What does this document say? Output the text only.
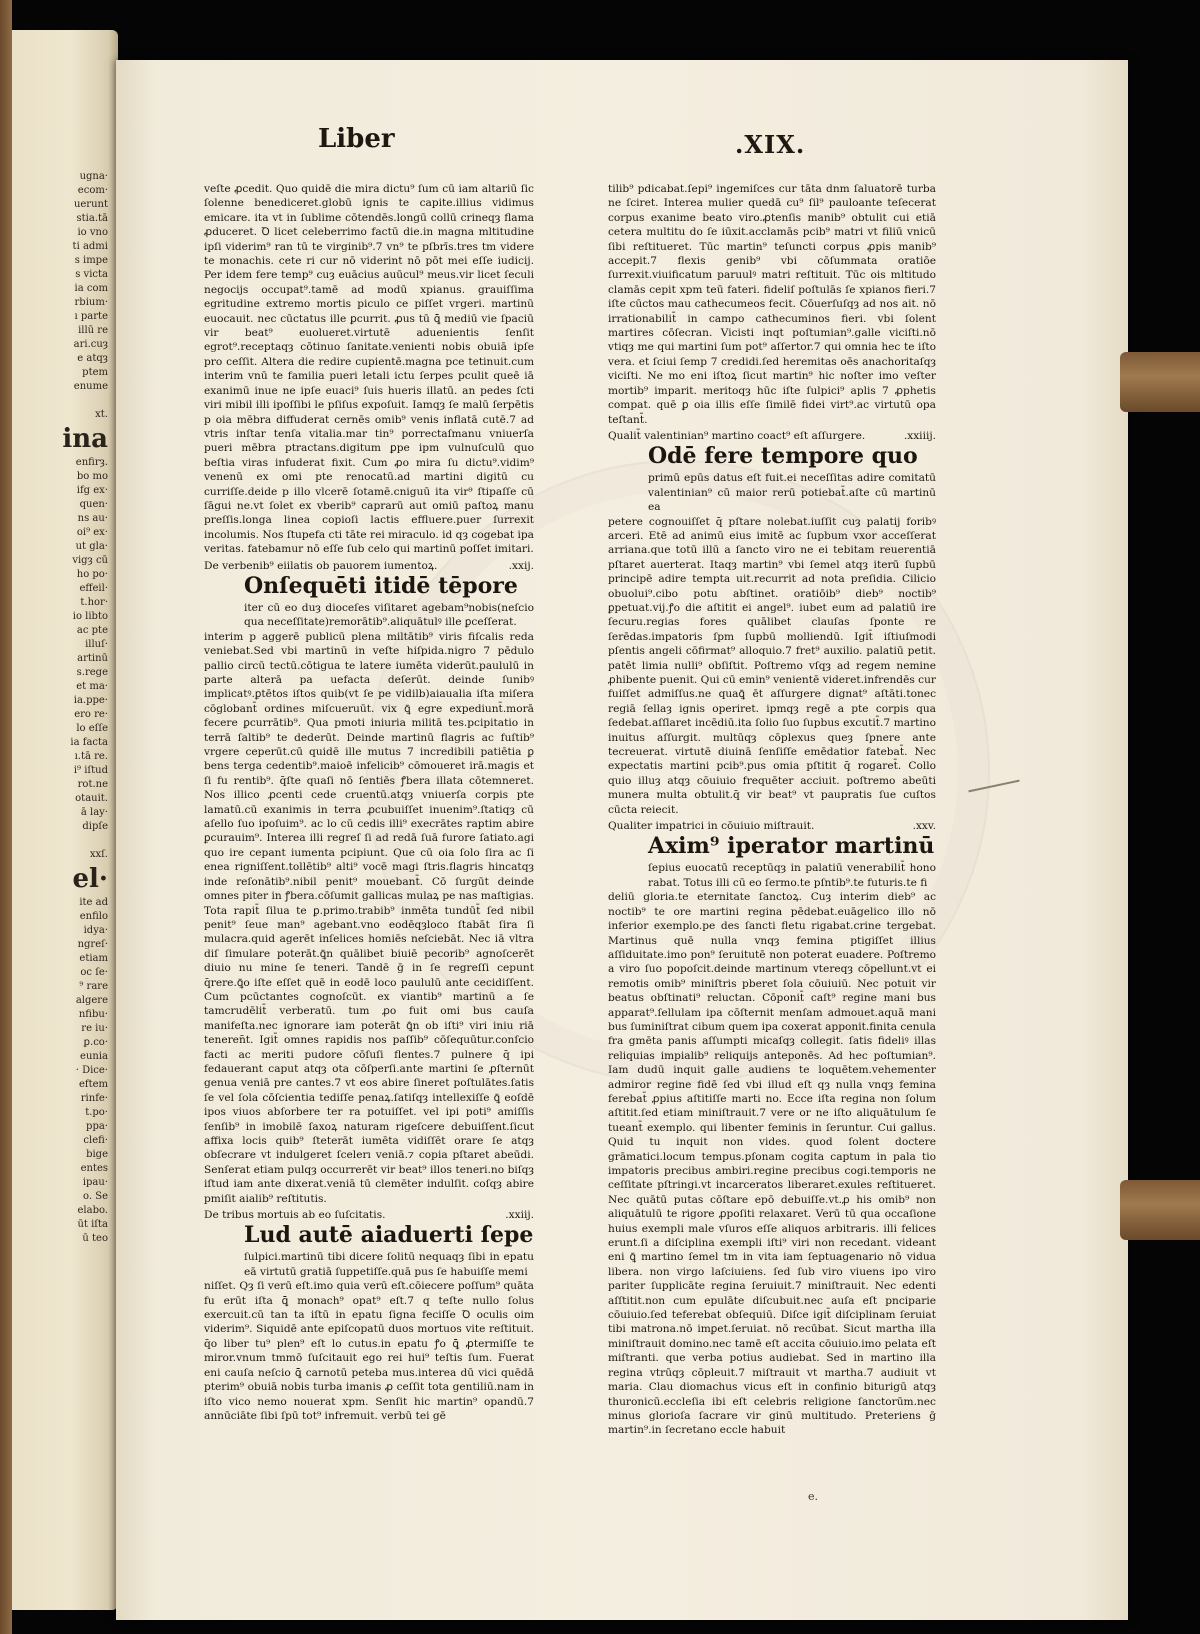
ugna·
ecom·
uerunt
stia.tā
io vno
ti admi
s impe
s victa
ia com
rbium·
ı parte
illū re
ari.cuȝ
e atqȝ
ptem
enume

xt.
ina
enfirȝ.
bo mo
ifg ex·
quen·
ns au·
oi⁹ ex·
ut gla·
vigȝ cū
ho po·
effeil·
t.hor·
io libto
ac pte
illuſ·
artinū
s.rege
et ma·
ia.ppe·
ero re·
lo eſſe
ia facta
ı.tā re.
i⁹ iſtud
rot.ne
otauit.
ā lay·
dipſe

xxſ.
el·
ite ad
enfilo
idya·
ngreſ·
etiam
oc ſe·
⁹ rare
algere
nfibu·
re iu·
ꝑ.co·
eunia
· Dice·
eftem
rinfe·
t.po·
ppa·
clefi·
bige
entes
ipau·
o. Se
elabo.
ūt iſta
ū teo
Liber	.XIX.

veſte ꝓcedit. Quo quidē die mira dictu⁹ ſum cū iam altariū ſic ſolenne benediceret.globū ignis te capite.illius vidimus emicare. ita vt in ſublime cōtendēs.longū collū crineqȝ flama ꝓduceret. Ꝺ licet celeberrimo factū die.in magna mltitudine ipſi viderim⁹ ran tū te virginib⁹.7 vn⁹ te pſbrīs.tres tm videre te monachis. cete ri cur nō viderint nō pōt mei eſſe iudicij. Per idem fere temp⁹ cuȝ euācius auūcul⁹ meus.vir licet ſeculi negocijs occupat⁹.tamē ad modū xpianus. grauiſſima egritudine extremo mortis piculo ce piſſet vrgeri. martinū euocauit. nec cūctatus ille ꝑcurrit. ꝓus tū ꝗ̄ mediū vie ſpaciū vir beat⁹ euolueret.virtutē aduenientis ſenſit egrot⁹.receptaqȝ cōtinuo ſanitate.venienti nobis obuiā ipſe pro ceſſit. Altera die redire cupientē.magna pce tetinuit.cum interim vnū te familia pueri letali ictu ſerpes pculit queē iā exanimū inue ne ipſe euaci⁹ ſuis hueris illatū. an pedes ſcti viri mibil illi ipoſſibi le pſiſus expoſuit. Iamqȝ ſe malū ſerpētis p oia mēbra diffuderat cernēs omib⁹ venis inflatā cutē.7 ad vtris inſtar tenſa vitalia.mar tin⁹ porrectaſmanu vniuerſa pueri mēbra ptractans.digitum ꝑpe ipm vulnuſculū quo beſtia viras infuderat fixit. Cum ꝓo mira ſu dictu⁹.vidim⁹ venenū ex omi pte renocatū.ad martini digitū cu curriſſe.deide p illo vlcerē ſotamē.cniguū ita vir⁹ ſtipaſſe cū ſāgui ne.vt ſolet ex vberib⁹ caprarū aut omiū paſtoꝝ manu preſſis.longa linea copioſi lactis effluere.puer ſurrexit incolumis. Nos ſtupefa cti tāte rei miraculo. id qȝ cogebat ipa veritas. fatebamur nō eſſe ſub celo qui martinū poſſet imitari.

De verbenib⁹ eiilatis ob pauorem iumentoꝝ.	.xxij.
Onſequēti itidē tēpore

iter cū eo duȝ dioceſes viſitaret agebam⁹nobis(neſcio qua neceſſitate)remorātib⁹.aliquātulꝰ ille ꝑceſſerat.

interim p aggerē publicū plena miltātib⁹ viris fiſcalis reda veniebat.Sed vbi martinū in veſte hiſpida.nigro 7 pēdulo pallio circū tectū.cōtigua te latere iumēta viderūt.paululū in parte alterā pa uefacta deſerūt. deinde ſunibꝰ implicatꝰ.ꝑtētos iſtos quib(vt ſe pe vidilb)aiaualia iſta miſera cōglobant̄ ordines miſcueruūt. vix ꝗ̄ egre expediunt̄.morā fecere ꝑcurrātib⁹. Qua pmoti iniuria militā tes.pcipitatio in terrā ſaltib⁹ te dederūt. Deinde martinū flagris ac fuſtib⁹ vrgere ceperūt.cū quidē ille mutus 7 incredibili patiētia ꝑ bens terga cedentib⁹.maioē infelicib⁹ cōmoueret irā.magis et ſi fu rentib⁹. q̄ſte quaſi nō ſentiēs ꝭbera illata cōtemneret. Nos illico ꝓcenti cede cruentū.atqȝ vniuerſa corpis pte lamatū.cū exanimis in terra ꝓcubuiſſet inuenim⁹.ſtatiqȝ cū aſello ſuo ipoſuim⁹. ac lo cū cedis illi⁹ execrātes raptim abire ꝑcurauim⁹. Interea illi regreſ ſi ad redā ſuā furore ſatiato.agi quo ire cepant iumenta pcipiunt. Que cū oia ſolo ſira ac ſi enea rigniſſent.tollētib⁹ alti⁹ vocē magi ſtris.flagris hincatqȝ inde reſonātib⁹.nibil penit⁹ mouebant̄. Cō ſurgūt deinde omnes piter in ꝭbera.cōſumit gallicas mulaꝝ pe nas maſtigias. Tota rapit̄ ſilua te ꝑ.primo.trabib⁹ inmēta tundūt̄ ſed nibil penit⁹ ſeue man⁹ agebant.vno eodēqȝloco ſtabāt ſira ſi mulacra.quid agerēt inſelices homiēs neſciebāt. Nec iā vltra diſ ſimulare poterāt.ꝗ̄n quālibet biuiē pecorib⁹ agnoſcerēt diuio nu mine ſe teneri. Tandē ḡ in ſe regreſſi cepunt q̄rere.ꝗ̄o iſte eſſet quē in eodē loco paululū ante cecidiſſent. Cum pcūctantes cognoſcūt. ex viantib⁹ martinū a ſe tamcrudēlit̄ verberatū. tum ꝓo fuit omi bus cauſa manifeſta.nec ignorare iam poterāt ꝗ̄n ob iſti⁹ viri iniu riā teneren̄t. Igit̄ omnes rapidis nos paſſib⁹ cōſequūtur.conſcio facti ac meriti pudore cōſuſi flentes.7 pulnere q̄ ipi fedauerant caput atqȝ ota cōſperſi.ante martini ſe ꝓſternūt genua veniā pre cantes.7 vt eos abire ſineret poſtulātes.ſatis ſe vel ſola cōſcientia tediſſe penaꝝ.ſatiſqȝ intellexiſſe ꝗ̄ eoſdē ipos viuos abſorbere ter ra potuiſſet. vel ipi poti⁹ amiſſis ſenſib⁹ in imobilē ſaxoꝝ naturam rigeſcere debuiſſent.ſicut affixa locis quib⁹ ſteterāt iumēta vidiſſēt orare ſe atqȝ obſecrare vt indulgeret ſcelerı veniā.⁊ copia pſtaret abeūdi. Senſerat etiam pulqȝ occurrerēt vir beat⁹ illos teneri.no biſqȝ iſtud iam ante dixerat.veniā tū clemēter indulſit. coſqȝ abire pmiſit aialib⁹ reſtitutis.

De tribus mortuis ab eo ſuſcitatis.	.xxiij.
Lud autē aiaduerti ſepe

ſulpici.martinū tibi dicere ſolitū nequaqȝ ſibi in epatu eā virtutū gratiā ſuppetiſſe.quā pus ſe habuiſſe memi

niſſet. Qȝ ſi verū eſt.imo quia verū eſt.cōiecere poſſum⁹ quāta fu erūt iſta ꝗ̄ monach⁹ opat⁹ eſt.7 q teſte nullo ſolus exercuit.cū tan ta iſtū in epatu ſigna feciſſe Ꝺ oculis oim viderim⁹. Siquidē ante epiſcopatū duos mortuos vite reſtituit. q̄o liber tu⁹ plen⁹ eſt lo cutus.in epatu ꝭo ꝗ̄ ꝓtermiſſe te miror.vnum tmmō ſuſcitauit ego rei hui⁹ teſtis ſum. Fuerat eni cauſa neſcio ꝗ̄ carnotū peteba mus.interea dū vici quēdā pterim⁹ obuiā nobis turba imanis ꝓ ceſſit tota gentiliū.nam in iſto vico nemo nouerat xpm. Senſit hic martin⁹ opandū.7 annūciāte ſibi ſpū tot⁹ infremuit. verbū tei gē

tilib⁹ pdicabat.ſepi⁹ ingemiſces cur tāta dnm ſaluatorē turba ne ſciret. Interea mulier quedā cu⁹ ſil⁹ pauloante teſecerat corpus exanime beato viro.ꝓtenſis manib⁹ obtulit cui etiā cetera multitu do ſe iūxit.acclamās pcib⁹ matri vt filiū vnicū ſibi reſtitueret. Tūc martin⁹ teſuncti corpus ꝓpis manib⁹ accepit.7 flexis genib⁹ vbi cōſummata oratiōe ſurrexit.viuificatum paruulꝰ matri reſtituit. Tūc ois mltitudo clamās cepit xpm teū fateri. fideliſ poſtulās ſe xpianos fieri.7 iſte cūctos mau cathecumeos fecit. Cōuerſuſqȝ ad nos ait. nō irrationabilit̄ in campo cathecuminos fieri. vbi ſolent martires cōſecran. Vicisti inqt poſtumian⁹.galle viciſti.nō vtiqȝ me qui martini ſum pot⁹ aſſertor.7 qui omnia hec te iſto vera. et ſciui ſemp 7 credidi.ſed heremitas oēs anachoritaſqȝ viciſti. Ne mo eni iſtoꝝ ſicut martin⁹ hic noſter imo veſter mortib⁹ imparit. meritoqȝ hūc iſte ſulpici⁹ aplis 7 ꝓphetis compat. quē ꝑ oia illis eſſe ſimilē fidei virt⁹.ac virtutū opa teſtant̄.

Qualit̄ valentinian⁹ martino coact⁹ eſt aſſurgere.	.xxiiij.
Odē fere tempore quo

primū epūs datus eſt fuit.ei neceſſitas adire comitatū valentinian⁹ cū maior rerū potiebat̄.aſte cū martinū ea

petere cognouiſſet q̄ pſtare nolebat.iuſſit cuȝ palatij foribꝰ arceri. Etē ad animū eius imitē ac ſupbum vxor acceſſerat arriana.que totū illū a ſancto viro ne ei tebitam reuerentiā pſtaret auerterat. Itaqȝ martin⁹ vbi ſemel atqȝ iterū ſupbū principē adire tempta uit.recurrit ad nota preſidia. Cilicio obuolui⁹.cibo potu abſtinet. oratiōib⁹ dieb⁹ noctib⁹ ꝑpetuat.vij.ꝭo die aſtitit ei angel⁹. iubet eum ad palatiū ire ſecuru.regias fores quālibet clauſas ſponte re ſerēdas.impatoris ſpm ſupbū molliendū. Igit̄ iſtiuſmodi pſentis angeli cōfirmat⁹ alloquio.7 fret⁹ auxilio. palatiū petit. patēt limia nulli⁹ obſiſtit. Poſtremo vſqȝ ad regem nemine ꝓhibente puenit. Qui cū emin⁹ venientē videret.infrendēs cur fuiſſet admiſſus.ne quaꝗ̄ ēt aſſurgere dignat⁹ aſtāti.tonec regiā ſellaȝ ignis operiret. ipmqȝ regē a pte corpis qua ſedebat.aſſlaret incēdiū.ita ſolio ſuo ſupbus excutit̄.7 martino inuitus aſſurgit. multūqȝ cōplexus queȝ ſpnere ante tecreuerat. virtutē diuinā ſenſiſſe emēdatior fatebat̄. Nec expectatis martini pcib⁹.pus omia pſtitit q̄ rogaret̄. Collo quio illuȝ atqȝ cōuiuio frequēter acciuit. poſtremo abeūti munera multa obtulit.q̄ vir beat⁹ vt paupratis ſue cuſtos cūcta reiecit.

Qualiter impatrici in cōuiuio miſtrauit.	.xxv.
Axim⁹ iperator martinū

ſepius euocatū receptūqȝ in palatiū venerabilit̄ hono rabat. Totus illi cū eo ſermo.te pſntib⁹.te futuris.te fi

deliū gloria.te eternitate ſanctoꝝ. Cuȝ interim dieb⁹ ac noctib⁹ te ore martini regina pēdebat.euāgelico illo nō inferior exemplo.pe des ſancti fletu rigabat.crine tergebat. Martinus quē nulla vnqȝ femina ptigiſſet illius aſſiduitate.imo pon⁹ ſeruitutē non poterat euadere. Poſtremo a viro ſuo popoſcit.deinde martinum vtereqȝ cōpellunt.vt ei remotis omib⁹ miniſtris pberet ſola cōuiuiū. Nec potuit vir beatus obſtinati⁹ reluctan. Cōponit̄ caſt⁹ regine mani bus apparat⁹.ſellulam ipa cōſternit menſam admouet.aquā mani bus ſuminiſtrat cibum quem ipa coxerat apponit.finita cenula fra gmēta panis aſſumpti micaſqȝ collegit. ſatis fideliꝰ illas reliquias impialib⁹ reliquijs anteponēs. Ad hec poſtumian⁹. Iam dudū inquit galle audiens te loquētem.vehementer admiror regine fidē ſed vbi illud eſt qȝ nulla vnqȝ femina ferebat̄ ꝓpius aſtitiſſe marti no. Ecce iſta regina non ſolum aſtitit.ſed etiam miniſtrauit.7 vere or ne iſto aliquātulum ſe tueant̄ exemplo. qui libenter feminis in ſeruntur. Cui gallus. Quid tu inquit non vides. quod ſolent doctere grāmatici.locum tempus.pſonam cogita captum in pala tio impatoris precibus ambiri.regine precibus cogi.temporis ne ceſſitate pſtringi.vt incarceratos liberaret.exules reſtitueret. Nec quātū putas cōſtare epō debuiſſe.vt.ꝓ his omib⁹ non aliquātulū te rigore ꝓpoſiti relaxaret. Verū tū qua occaſione huius exempli male vſuros eſſe aliquos arbitraris. illi felices erunt.ſi a diſciplina exempli iſti⁹ viri non recedant. videant eni ꝗ̄ martino ſemel tm in vita iam ſeptuagenario nō vidua libera. non virgo laſciuiens. ſed ſub viro viuens ipo viro pariter ſupplicāte regina ſeruiuit.7 miniſtrauit. Nec edenti aſſtitit.non cum epulāte diſcubuit.nec auſa eſt pnciparie cōuiuio.ſed teferebat obſequiū. Diſce igit̄ diſciplinam ſeruiat tibi matrona.nō imꝑet.ſeruiat. nō recūbat. Sicut martha illa miniſtrauit domino.nec tamē eſt accita cōuiuio.imo pelata eſt miſtranti. que verba potius audiebat. Sed in martino illa regina vtrūqȝ cōpleuit.7 miſtrauit vt martha.7 audiuit vt maria. Clau diomachus vicus eſt in confinio biturigū atqȝ thuronicū.eccleſia ibi eſt celebris religione ſanctorūm.nec minus glorioſa ſacrare vir ginū multitudo. Preteriens ḡ martin⁹.in ſecretano eccle habuit

e.
